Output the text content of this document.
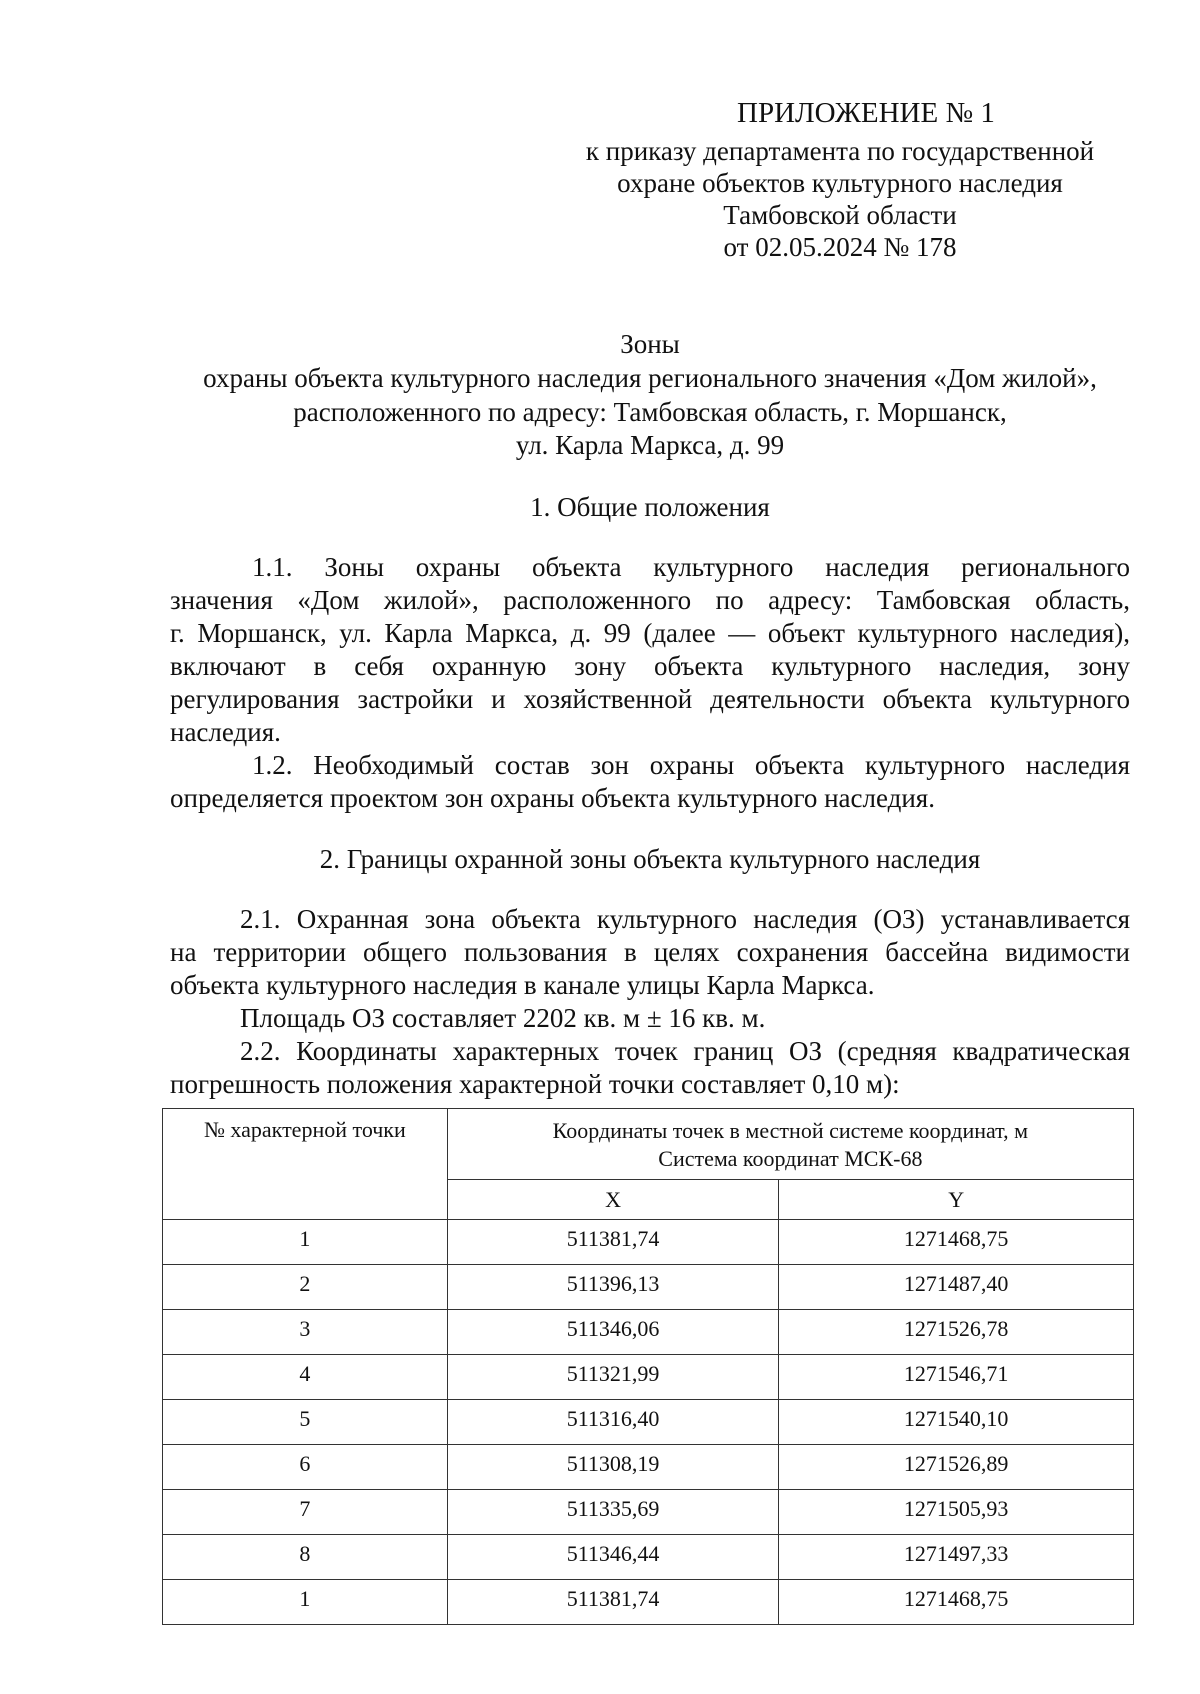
ПРИЛОЖЕНИЕ № 1
к приказу департамента по государственной
охране объектов культурного наследия
Тамбовской области
от 02.05.2024 № 178
Зоны
охраны объекта культурного наследия регионального значения «Дом жилой»,
расположенного по адресу: Тамбовская область, г. Моршанск,
ул. Карла Маркса, д. 99
1. Общие положения
1.1. Зоны охраны объекта культурного наследия регионального
значения «Дом жилой», расположенного по адресу: Тамбовская область,
г. Моршанск, ул. Карла Маркса, д. 99 (далее — объект культурного наследия),
включают в себя охранную зону объекта культурного наследия, зону
регулирования застройки и хозяйственной деятельности объекта культурного
наследия.
1.2. Необходимый состав зон охраны объекта культурного наследия
определяется проектом зон охраны объекта культурного наследия.
2. Границы охранной зоны объекта культурного наследия
2.1. Охранная зона объекта культурного наследия (ОЗ) устанавливается
на территории общего пользования в целях сохранения бассейна видимости
объекта культурного наследия в канале улицы Карла Маркса.
Площадь ОЗ составляет 2202 кв. м ± 16 кв. м.
2.2. Координаты характерных точек границ ОЗ (средняя квадратическая
погрешность положения характерной точки составляет 0,10 м):
№ характерной точки	Координаты точек в местной системе координат, м
Система координат МСК-68	

	X	Y
1	511381,74	1271468,75
2	511396,13	1271487,40
3	511346,06	1271526,78
4	511321,99	1271546,71
5	511316,40	1271540,10
6	511308,19	1271526,89
7	511335,69	1271505,93
8	511346,44	1271497,33
1	511381,74	1271468,75
